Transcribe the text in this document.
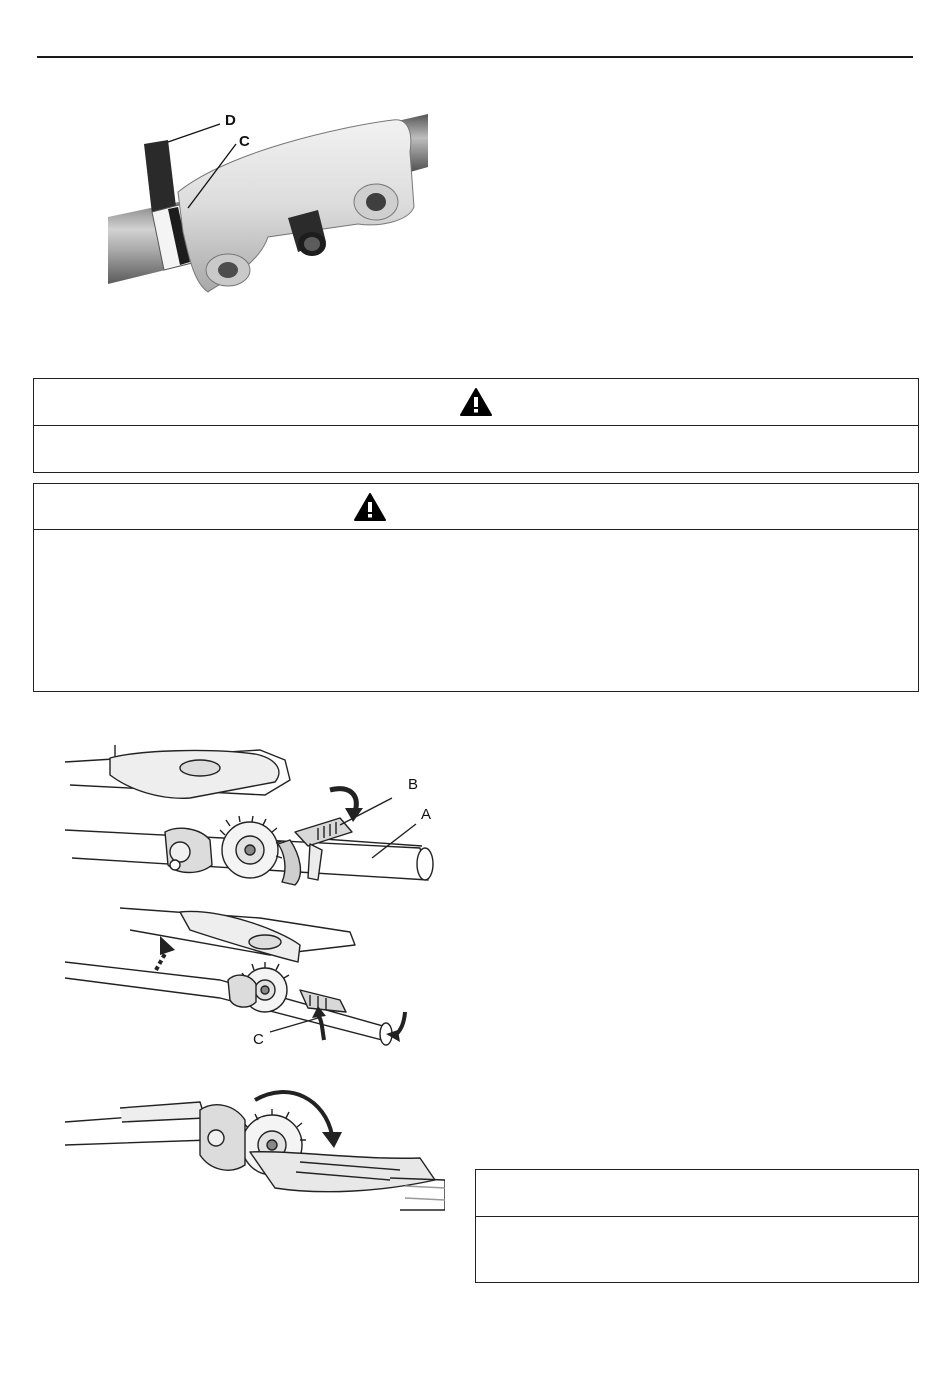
D
C
B
A
C
